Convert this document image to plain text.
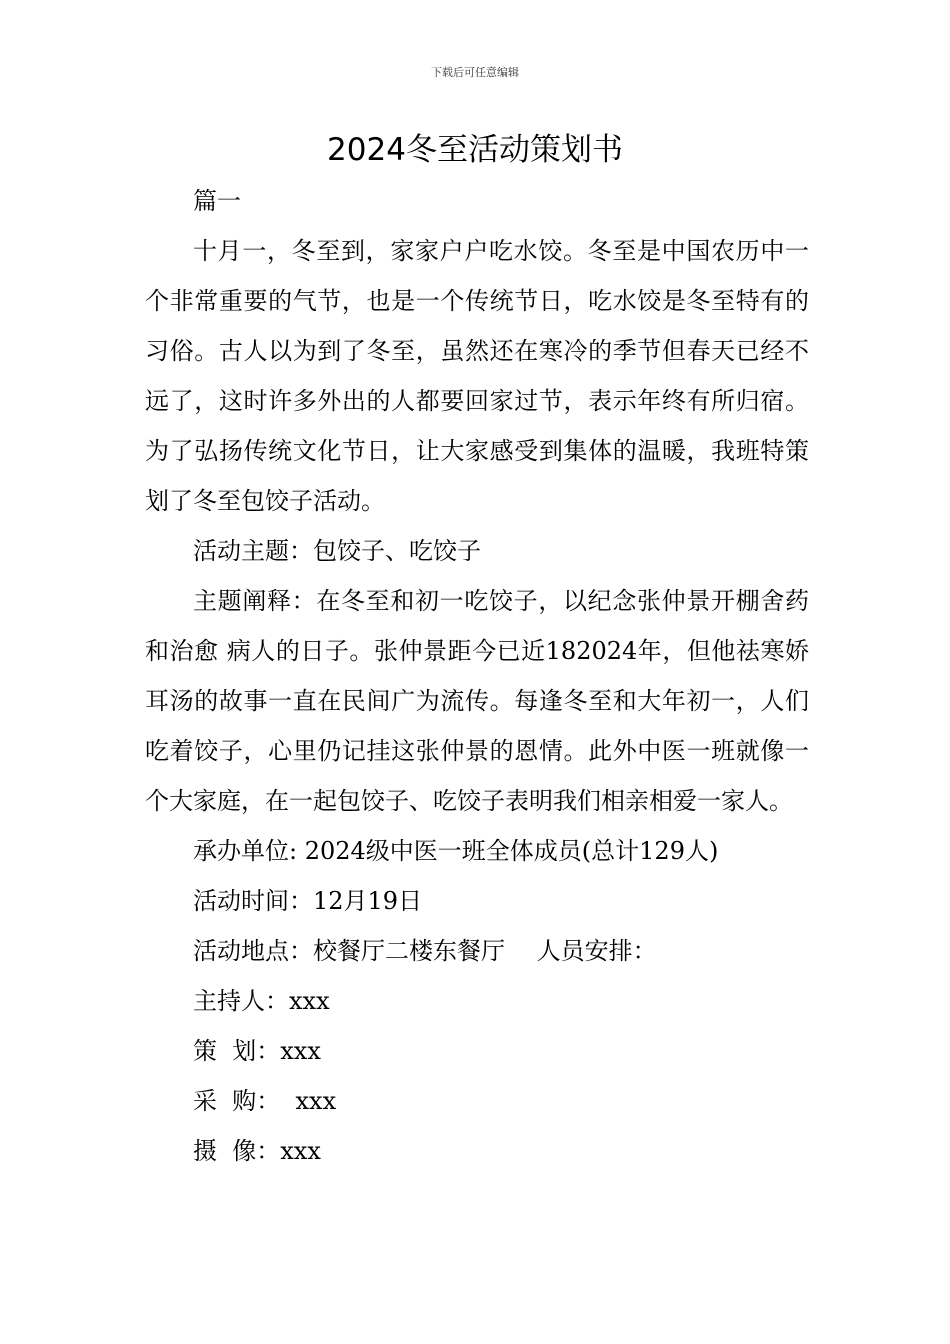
下载后可任意编辑
2024冬至活动策划书

篇一

十月一，冬至到，家家户户吃水饺。冬至是中国农历中一个非常重要的气节，也是一个传统节日，吃水饺是冬至特有的习俗。古人以为到了冬至，虽然还在寒冷的季节但春天已经不远了，这时许多外出的人都要回家过节，表示年终有所归宿。为了弘扬传统文化节日，让大家感受到集体的温暖，我班特策划了冬至包饺子活动。

活动主题：包饺子、吃饺子

主题阐释：在冬至和初一吃饺子，以纪念张仲景开棚舍药和治愈 病人的日子。张仲景距今已近182024年，但他祛寒娇耳汤的故事一直在民间广为流传。每逢冬至和大年初一，人们吃着饺子，心里仍记挂这张仲景的恩情。此外中医一班就像一个大家庭，在一起包饺子、吃饺子表明我们相亲相爱一家人。

承办单位: 2024级中医一班全体成员(总计129人)

活动时间：12月19日

活动地点：校餐厅二楼东餐厅　 人员安排：

主持人：xxx

策  划：xxx

采  购：  xxx

摄  像：xxx
